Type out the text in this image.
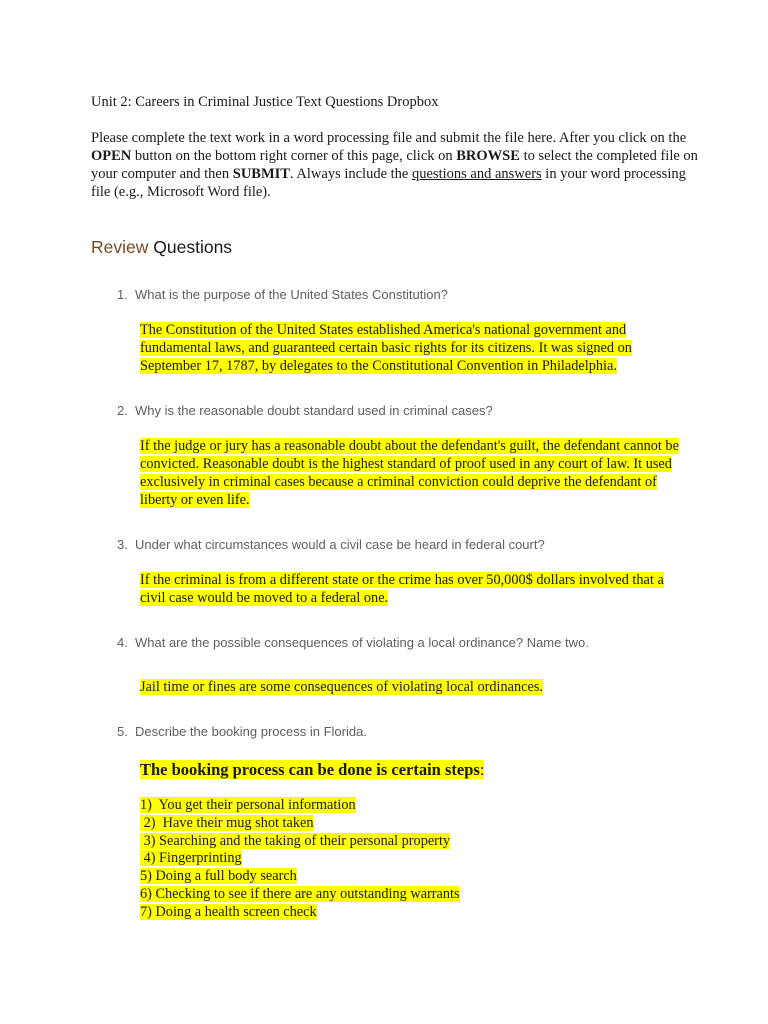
Unit 2: Careers in Criminal Justice Text Questions Dropbox
Please complete the text work in a word processing file and submit the file here. After you click on the OPEN button on the bottom right corner of this page, click on BROWSE to select the completed file on your computer and then SUBMIT. Always include the questions and answers in your word processing file (e.g., Microsoft Word file).
Review Questions
1. What is the purpose of the United States Constitution?
The Constitution of the United States established America's national government and fundamental laws, and guaranteed certain basic rights for its citizens. It was signed on September 17, 1787, by delegates to the Constitutional Convention in Philadelphia.
2. Why is the reasonable doubt standard used in criminal cases?
If the judge or jury has a reasonable doubt about the defendant's guilt, the defendant cannot be convicted. Reasonable doubt is the highest standard of proof used in any court of law. It used exclusively in criminal cases because a criminal conviction could deprive the defendant of liberty or even life.
3. Under what circumstances would a civil case be heard in federal court?
If the criminal is from a different state or the crime has over 50,000$ dollars involved that a civil case would be moved to a federal one.
4. What are the possible consequences of violating a local ordinance? Name two.
Jail time or fines are some consequences of violating local ordinances.
5. Describe the booking process in Florida.
The booking process can be done is certain steps:
1)  You get their personal information
2)  Have their mug shot taken
3) Searching and the taking of their personal property
4) Fingerprinting
5) Doing a full body search
6) Checking to see if there are any outstanding warrants
7) Doing a health screen check
